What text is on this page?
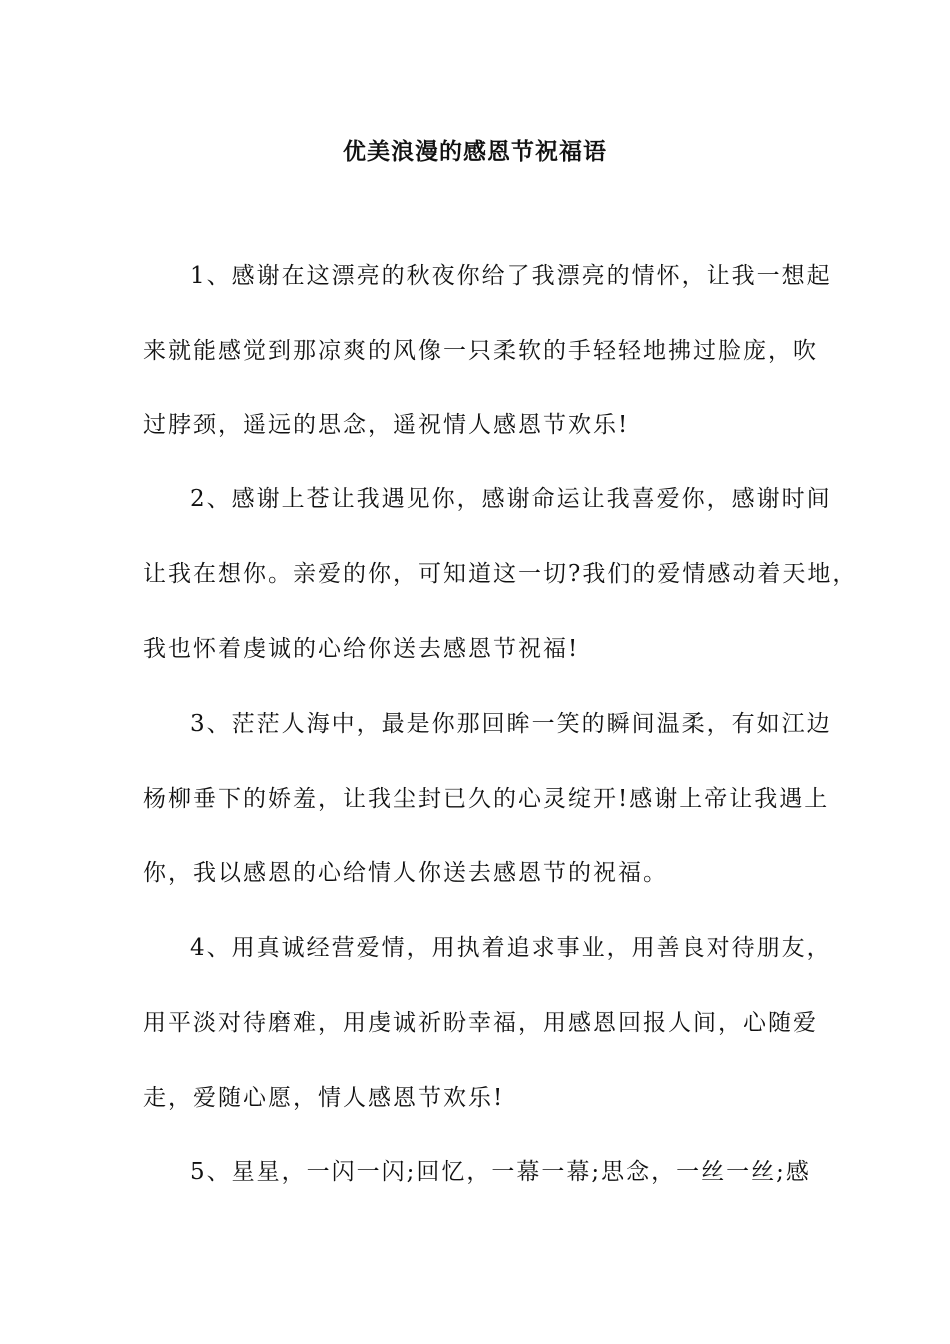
优美浪漫的感恩节祝福语
1、感谢在这漂亮的秋夜你给了我漂亮的情怀，让我一想起
来就能感觉到那凉爽的风像一只柔软的手轻轻地拂过脸庞，吹
过脖颈，遥远的思念，遥祝情人感恩节欢乐!
2、感谢上苍让我遇见你，感谢命运让我喜爱你，感谢时间
让我在想你。亲爱的你，可知道这一切?我们的爱情感动着天地，
我也怀着虔诚的心给你送去感恩节祝福!
3、茫茫人海中，最是你那回眸一笑的瞬间温柔，有如江边
杨柳垂下的娇羞，让我尘封已久的心灵绽开!感谢上帝让我遇上
你，我以感恩的心给情人你送去感恩节的祝福。
4、用真诚经营爱情，用执着追求事业，用善良对待朋友，
用平淡对待磨难，用虔诚祈盼幸福，用感恩回报人间，心随爱
走，爱随心愿，情人感恩节欢乐!
5、星星，一闪一闪;回忆，一幕一幕;思念，一丝一丝;感
